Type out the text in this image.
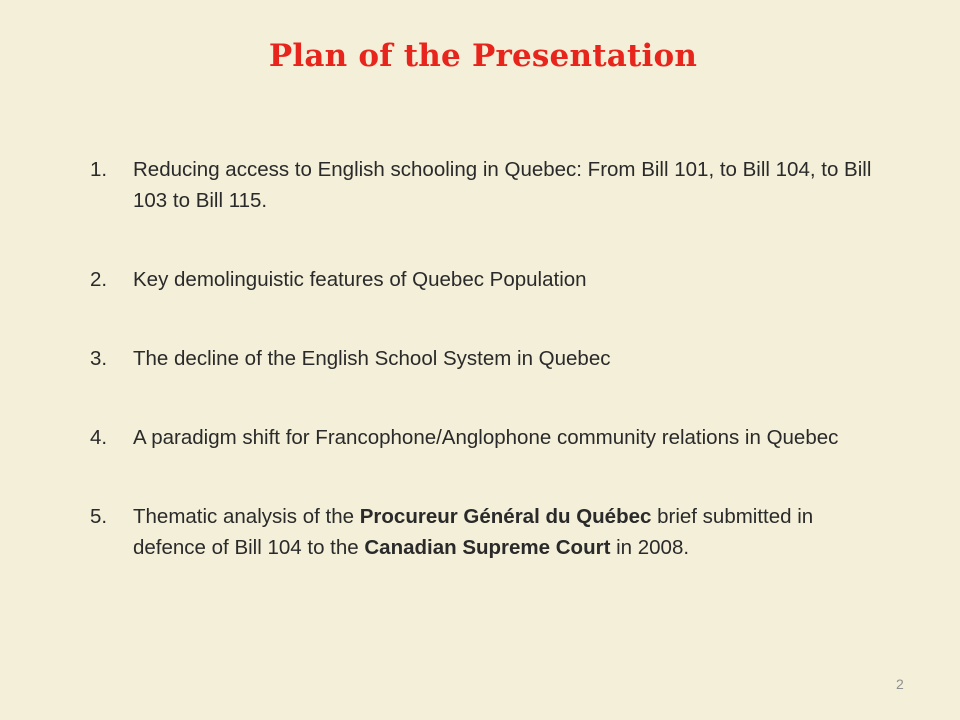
Plan of the Presentation
1. Reducing access to English schooling in Quebec: From Bill 101, to Bill 104, to Bill 103 to Bill 115.
2. Key demolinguistic features of Quebec Population
3. The decline of the English School System in Quebec
4. A paradigm shift for Francophone/Anglophone community relations in Quebec
5. Thematic analysis of the Procureur Général du Québec brief submitted in defence of Bill 104 to the Canadian Supreme Court in 2008.
2
